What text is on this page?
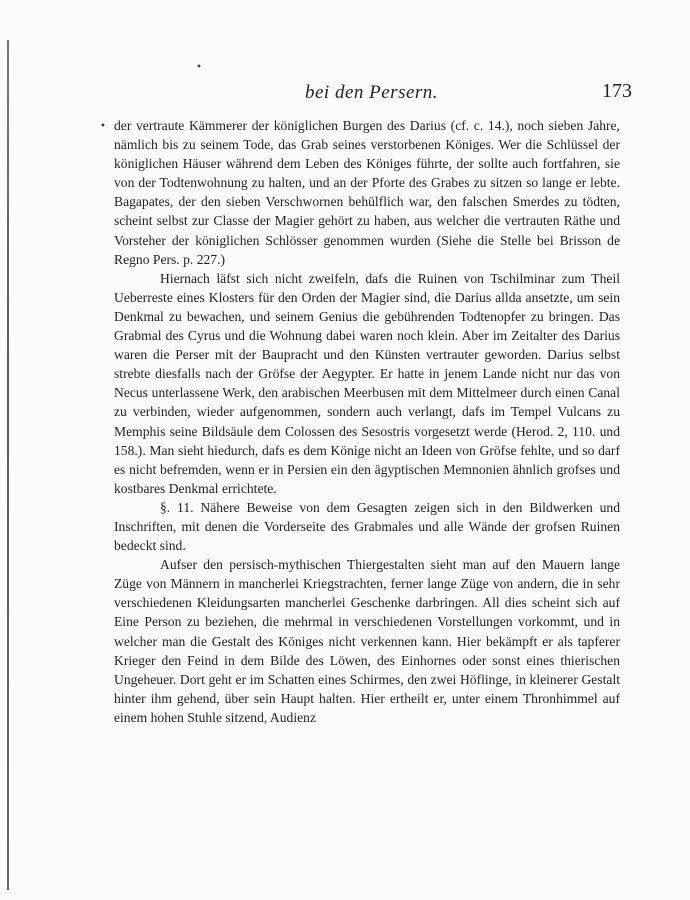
•
bei den Persern.	173
• der vertraute Kämmerer der königlichen Burgen des Darius (cf. c. 14.), noch sieben Jahre, nämlich bis zu seinem Tode, das Grab seines verstorbenen Königes. Wer die Schlüssel der königlichen Häuser während dem Leben des Königes führte, der sollte auch fortfahren, sie von der Todtenwohnung zu halten, und an der Pforte des Grabes zu sitzen so lange er lebte. Bagapates, der den sieben Verschwornen behülflich war, den falschen Smerdes zu tödten, scheint selbst zur Classe der Magier gehört zu haben, aus welcher die vertrauten Räthe und Vorsteher der königlichen Schlösser genommen wurden (Siehe die Stelle bei Brisson de Regno Pers. p. 227.)

Hiernach läfst sich nicht zweifeln, dafs die Ruinen von Tschilminar zum Theil Ueberreste eines Klosters für den Orden der Magier sind, die Darius allda ansetzte, um sein Denkmal zu bewachen, und seinem Genius die gebührenden Todtenopfer zu bringen. Das Grabmal des Cyrus und die Wohnung dabei waren noch klein. Aber im Zeitalter des Darius waren die Perser mit der Baupracht und den Künsten vertrauter geworden. Darius selbst strebte diesfalls nach der Gröfse der Aegypter. Er hatte in jenem Lande nicht nur das von Necus unterlassene Werk, den arabischen Meerbusen mit dem Mittelmeer durch einen Canal zu verbinden, wieder aufgenommen, sondern auch verlangt, dafs im Tempel Vulcans zu Memphis seine Bildsäule dem Colossen des Sesostris vorgesetzt werde (Herod. 2, 110. und 158.). Man sieht hiedurch, dafs es dem Könige nicht an Ideen von Gröfse fehlte, und so darf es nicht befremden, wenn er in Persien ein den ägyptischen Memnonien ähnlich grofses und kostbares Denkmal errichtete.

§. 11. Nähere Beweise von dem Gesagten zeigen sich in den Bildwerken und Inschriften, mit denen die Vorderseite des Grabmales und alle Wände der grofsen Ruinen bedeckt sind.

Aufser den persisch-mythischen Thiergestalten sieht man auf den Mauern lange Züge von Männern in mancherlei Kriegstrachten, ferner lange Züge von andern, die in sehr verschiedenen Kleidungsarten mancherlei Geschenke darbringen. All dies scheint sich auf Eine Person zu beziehen, die mehrmal in verschiedenen Vorstellungen vorkommt, und in welcher man die Gestalt des Königes nicht verkennen kann. Hier bekämpft er als tapferer Krieger den Feind in dem Bilde des Löwen, des Einhornes oder sonst eines thierischen Ungeheuer. Dort geht er im Schatten eines Schirmes, den zwei Höflinge, in kleinerer Gestalt hinter ihm gehend, über sein Haupt halten. Hier ertheilt er, unter einem Thronhimmel auf einem hohen Stuhle sitzend, Audienz
